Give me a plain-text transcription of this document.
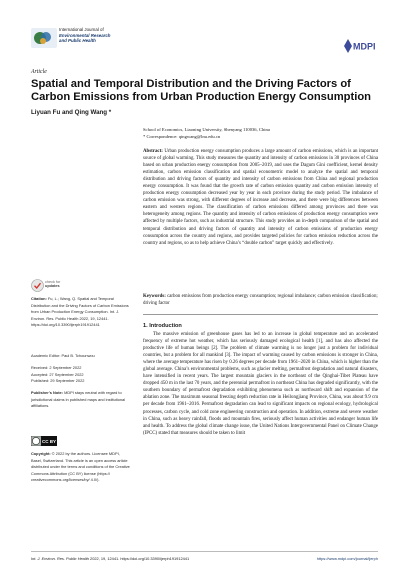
International Journal of
Environmental Research
and Public Health
MDPI
Article
Spatial and Temporal Distribution and the Driving Factors of Carbon Emissions from Urban Production Energy Consumption
Liyuan Fu and Qing Wang *
School of Economics, Liaoning University, Shenyang 110036, China
* Correspondence: qingwang@lnu.edu.cn
Abstract: Urban production energy consumption produces a large amount of carbon emissions, which is an important source of global warming. This study measures the quantity and intensity of carbon emissions in 30 provinces of China based on urban production energy consumption from 2005–2019, and uses the Dagum Gini coefficient, kernel density estimation, carbon emission classification and spatial econometric model to analyze the spatial and temporal distribution and driving factors of quantity and intensity of carbon emissions from China and regional production energy consumption. It was found that the growth rate of carbon emission quantity and carbon emission intensity of production energy consumption decreased year by year in each province during the study period. The imbalance of carbon emission was strong, with different degrees of increase and decrease, and there were big differences between eastern and western regions. The classification of carbon emissions differed among provinces and there was heterogeneity among regions. The quantity and intensity of carbon emissions of production energy consumption were affected by multiple factors, such as industrial structure. This study provides an in-depth comparison of the spatial and temporal distribution and driving factors of quantity and intensity of carbon emissions of production energy consumption across the country and regions, and provides targeted policies for carbon emission reduction across the country and regions, so as to help achieve China’s “double carbon” target quickly and effectively.
Keywords: carbon emissions from production energy consumption; regional imbalance; carbon emission classification; driving factor
check for
updates
Citation: Fu, L.; Wang, Q. Spatial and Temporal Distribution and the Driving Factors of Carbon Emissions from Urban Production Energy Consumption. Int. J. Environ. Res. Public Health 2022, 19, 12441. https://doi.org/10.3390/ijerph191912441
Academic Editor: Paul B. Tchounwou
Received: 2 September 2022
Accepted: 27 September 2022
Published: 29 September 2022
Publisher’s Note: MDPI stays neutral with regard to jurisdictional claims in published maps and institutional affiliations.
CC BY
Copyright: © 2022 by the authors. Licensee MDPI, Basel, Switzerland. This article is an open access article distributed under the terms and conditions of the Creative Commons Attribution (CC BY) license (https:// creativecommons.org/licenses/by/ 4.0/).
1. Introduction
The massive emission of greenhouse gases has led to an increase in global temperature and an accelerated frequency of extreme hot weather, which has seriously damaged ecological health [1], and has also affected the productive life of human beings [2]. The problem of climate warming is no longer just a problem for individual countries, but a problem for all mankind [3]. The impact of warming caused by carbon emissions is stronger in China, where the average temperature has risen by 0.26 degrees per decade from 1961–2020 in China, which is higher than the global average. China’s environmental problems, such as glacier melting, permafrost degradation and natural disasters, have intensified in recent years. The largest mountain glaciers in the northeast of the Qinghai-Tibet Plateau have dropped 450 m in the last 70 years, and the perennial permafrost in northeast China has degraded significantly, with the southern boundary of permafrost degradation exhibiting phenomena such as northward shift and expansion of the ablation zone. The maximum seasonal freezing depth reduction rate in Heilongjiang Province, China, was about 9.9 cm per decade from 1961–2016. Permafrost degradation can lead to significant impacts on regional ecology, hydrological processes, carbon cycle, and cold zone engineering construction and operation. In addition, extreme and severe weather in China, such as heavy rainfall, floods and mountain fires, seriously affect human activities and endanger human life and health. To address the global climate change issue, the United Nations Intergovernmental Panel on Climate Change (IPCC) stated that measures should be taken to limit
Int. J. Environ. Res. Public Health 2022, 19, 12441. https://doi.org/10.3390/ijerph191912441	https://www.mdpi.com/journal/ijerph
